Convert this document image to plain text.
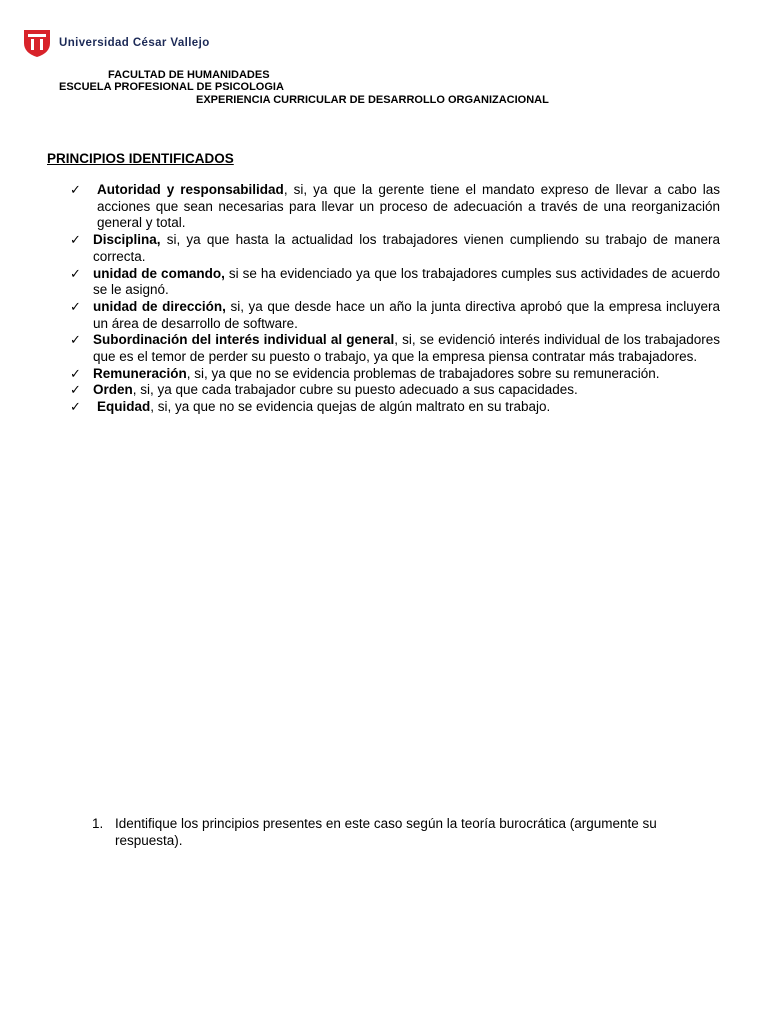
Universidad César Vallejo
FACULTAD DE HUMANIDADES
ESCUELA PROFESIONAL DE PSICOLOGIA
EXPERIENCIA CURRICULAR DE DESARROLLO ORGANIZACIONAL
PRINCIPIOS IDENTIFICADOS
✓ Autoridad y responsabilidad, si, ya que la gerente tiene el mandato expreso de llevar a cabo las acciones que sean necesarias para llevar un proceso de adecuación a través de una reorganización general y total.
✓ Disciplina, si, ya que hasta la actualidad los trabajadores vienen cumpliendo su trabajo de manera correcta.
✓ unidad de comando, si se ha evidenciado ya que los trabajadores cumples sus actividades de acuerdo se le asignó.
✓ unidad de dirección, si, ya que desde hace un año la junta directiva aprobó que la empresa incluyera un área de desarrollo de software.
✓ Subordinación del interés individual al general, si, se evidenció interés individual de los trabajadores que es el temor de perder su puesto o trabajo, ya que la empresa piensa contratar más trabajadores.
✓ Remuneración, si, ya que no se evidencia problemas de trabajadores sobre su remuneración.
✓ Orden, si, ya que cada trabajador cubre su puesto adecuado a sus capacidades.
✓ Equidad, si, ya que no se evidencia quejas de algún maltrato en su trabajo.
1. Identifique los principios presentes en este caso según la teoría burocrática (argumente su respuesta).
